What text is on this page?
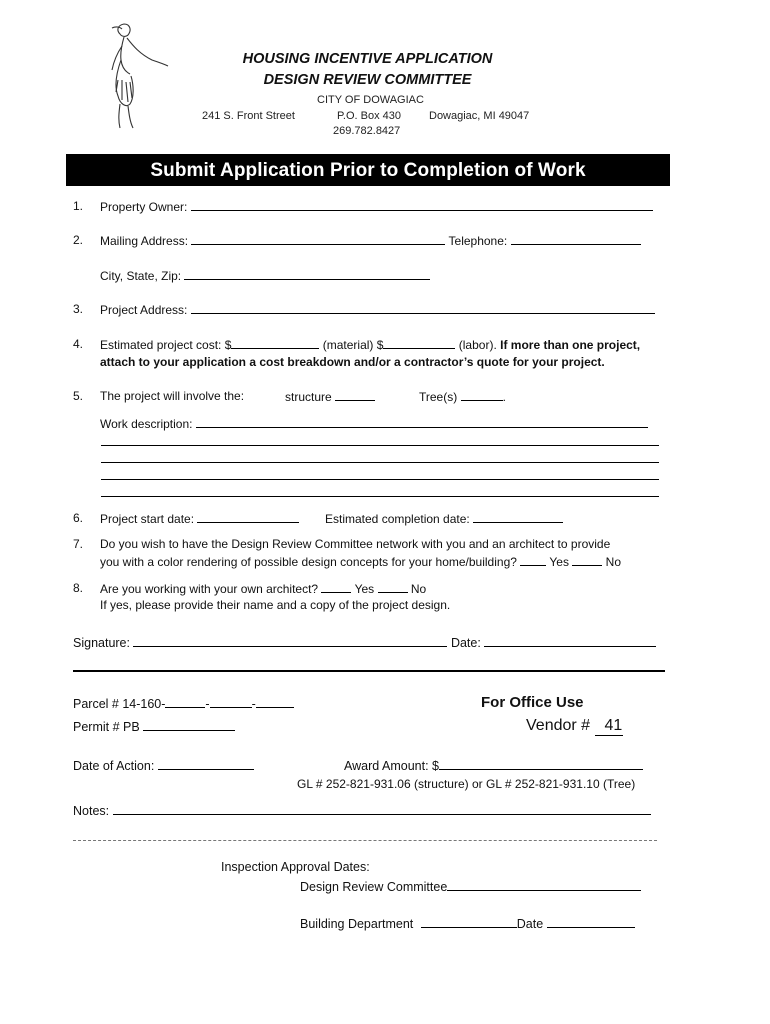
HOUSING INCENTIVE APPLICATION
DESIGN REVIEW COMMITTEE
CITY OF DOWAGIAC
241 S. Front Street	P.O. Box 430	Dowagiac, MI 49047
269.782.8427
Submit Application Prior to Completion of Work
1. Property Owner:
2. Mailing Address:	Telephone:
City, State, Zip:
3. Project Address:
4. Estimated project cost: $	(material) $	(labor). If more than one project,
attach to your application a cost breakdown and/or a contractor’s quote for your project.
5. The project will involve the:	structure	Tree(s)	.
Work description:
6. Project start date:	Estimated completion date:
7. Do you wish to have the Design Review Committee network with you and an architect to provide
you with a color rendering of possible design concepts for your home/building?	Yes	No
8. Are you working with your own architect?	Yes	No
If yes, please provide their name and a copy of the project design.
Signature:	Date:
Parcel # 14-160-	-	-
Permit # PB
For Office Use
Vendor # 41
Date of Action:	Award Amount: $
GL # 252-821-931.06 (structure) or GL # 252-821-931.10 (Tree)
Notes:
Inspection Approval Dates:
Design Review Committee
Building Department	Date
